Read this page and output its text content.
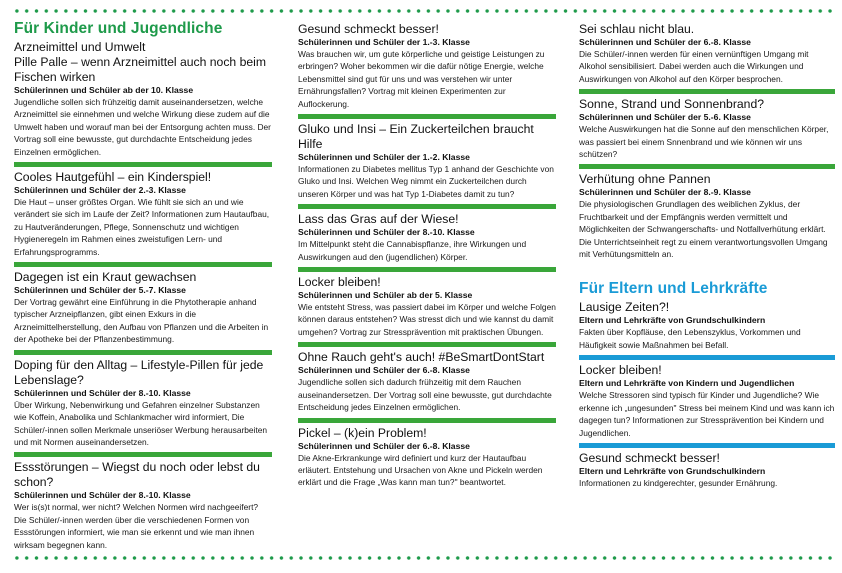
Für Kinder und Jugendliche
Arzneimittel und Umwelt
Pille Palle – wenn Arzneimittel auch noch beim Fischen wirken
Schülerinnen und Schüler ab der 10. Klasse
Jugendliche sollen sich frühzeitig damit auseinandersetzen, welche Arzneimittel sie einnehmen und welche Wirkung diese zudem auf die Umwelt haben und worauf man bei der Entsorgung achten muss. Der Vortrag soll eine bewusste, gut durchdachte Entscheidung jedes Einzelnen ermöglichen.
Cooles Hautgefühl – ein Kinderspiel!
Schülerinnen und Schüler der 2.-3. Klasse
Die Haut – unser größtes Organ. Wie fühlt sie sich an und wie verändert sie sich im Laufe der Zeit? Informationen zum Hautaufbau, zu Hautveränderungen, Pflege, Sonnenschutz und wichtigen Hygieneregeln im Rahmen eines zweistufigen Lern- und Erfahrungsprogramms.
Dagegen ist ein Kraut gewachsen
Schülerinnen und Schüler der 5.-7. Klasse
Der Vortrag gewährt eine Einführung in die Phytotherapie anhand typischer Arzneipflanzen, gibt einen Exkurs in die Arzneimittelherstellung, den Aufbau von Pflanzen und die Arbeiten in der Apotheke bei der Pflanzenbestimmung.
Doping für den Alltag – Lifestyle-Pillen für jede Lebenslage?
Schülerinnen und Schüler der 8.-10. Klasse
Über Wirkung, Nebenwirkung und Gefahren einzelner Substanzen wie Koffein, Anabolika und Schlankmacher wird informiert, Die Schüler/-innen sollen Merkmale unseriöser Werbung herausarbeiten und mit Normen auseinandersetzen.
Essstörungen – Wiegst du noch oder lebst du schon?
Schülerinnen und Schüler der 8.-10. Klasse
Wer is(s)t normal, wer nicht? Welchen Normen wird nachgeeifert? Die Schüler/-innen werden über die verschiedenen Formen von Essstörungen informiert, wie man sie erkennt und wie man ihnen wirksam begegnen kann.
Gesund schmeckt besser!
Schülerinnen und Schüler der 1.-3. Klasse
Was brauchen wir, um gute körperliche und geistige Leistungen zu erbringen? Woher bekommen wir die dafür nötige Energie, welche Lebensmittel sind gut für uns und was verstehen wir unter Ernährungsfallen? Vortrag mit kleinen Experimenten zur Auflockerung.
Gluko und Insi – Ein Zuckerteilchen braucht Hilfe
Schülerinnen und Schüler der 1.-2. Klasse
Informationen zu Diabetes mellitus Typ 1 anhand der Geschichte von Gluko und Insi. Welchen Weg nimmt ein Zuckerteilchen durch unseren Körper und was hat Typ 1-Diabetes damit zu tun?
Lass das Gras auf der Wiese!
Schülerinnen und Schüler der 8.-10. Klasse
Im Mittelpunkt steht die Cannabispflanze, ihre Wirkungen und Auswirkungen aud den (jugendlichen) Körper.
Locker bleiben!
Schülerinnen und Schüler ab der 5. Klasse
Wie entsteht Stress, was passiert dabei im Körper und welche Folgen können daraus entstehen? Was stresst dich und wie kannst du damit umgehen? Vortrag zur Stressprävention mit praktischen Übungen.
Ohne Rauch geht's auch! #BeSmartDontStart
Schülerinnen und Schüler der 6.-8. Klasse
Jugendliche sollen sich dadurch frühzeitig mit dem Rauchen auseinandersetzen. Der Vortrag soll eine bewusste, gut durchdachte Entscheidung jedes Einzelnen ermöglichen.
Pickel – (k)ein Problem!
Schülerinnen und Schüler der 6.-8. Klasse
Die Akne-Erkrankunge wird definiert und kurz der Hautaufbau erläutert. Entstehung und Ursachen von Akne und Pickeln werden erklärt und die Frage „Was kann man tun?" beantwortet.
Sei schlau nicht blau.
Schülerinnen und Schüler der 6.-8. Klasse
Die Schüler/-innen werden für einen vernünftigen Umgang mit Alkohol sensibilisiert. Dabei werden auch die Wirkungen und Auswirkungen von Alkohol auf den Körper besprochen.
Sonne, Strand und Sonnenbrand?
Schülerinnen und Schüler der 5.-6. Klasse
Welche Auswirkungen hat die Sonne auf den menschlichen Körper, was passiert bei einem Snnenbrand und wie können wir uns schützen?
Verhütung ohne Pannen
Schülerinnen und Schüler der 8.-9. Klasse
Die physiologischen Grundlagen des weiblichen Zyklus, der Fruchtbarkeit und der Empfängnis werden vermittelt und Möglichkeiten der Schwangerschafts- und Notfallverhütung erklärt. Die Unterrichtseinheit regt zu einem verantwortungsvollen Umgang mit Verhütungsmitteln an.
Für Eltern und Lehrkräfte
Lausige Zeiten?!
Eltern und Lehrkräfte von Grundschulkindern
Fakten über Kopfläuse, den Lebenszyklus, Vorkommen und Häufigkeit sowie Maßnahmen bei Befall.
Locker bleiben!
Eltern und Lehrkräfte von Kindern und Jugendlichen
Welche Stressoren sind typisch für Kinder und Jugendliche? Wie erkenne ich „ungesunden" Stress bei meinem Kind und was kann ich dagegen tun? Informationen zur Stressprävention bei Kindern und Jugendlichen.
Gesund schmeckt besser!
Eltern und Lehrkräfte von Grundschulkindern
Informationen zu kindgerechter, gesunder Ernährung.
